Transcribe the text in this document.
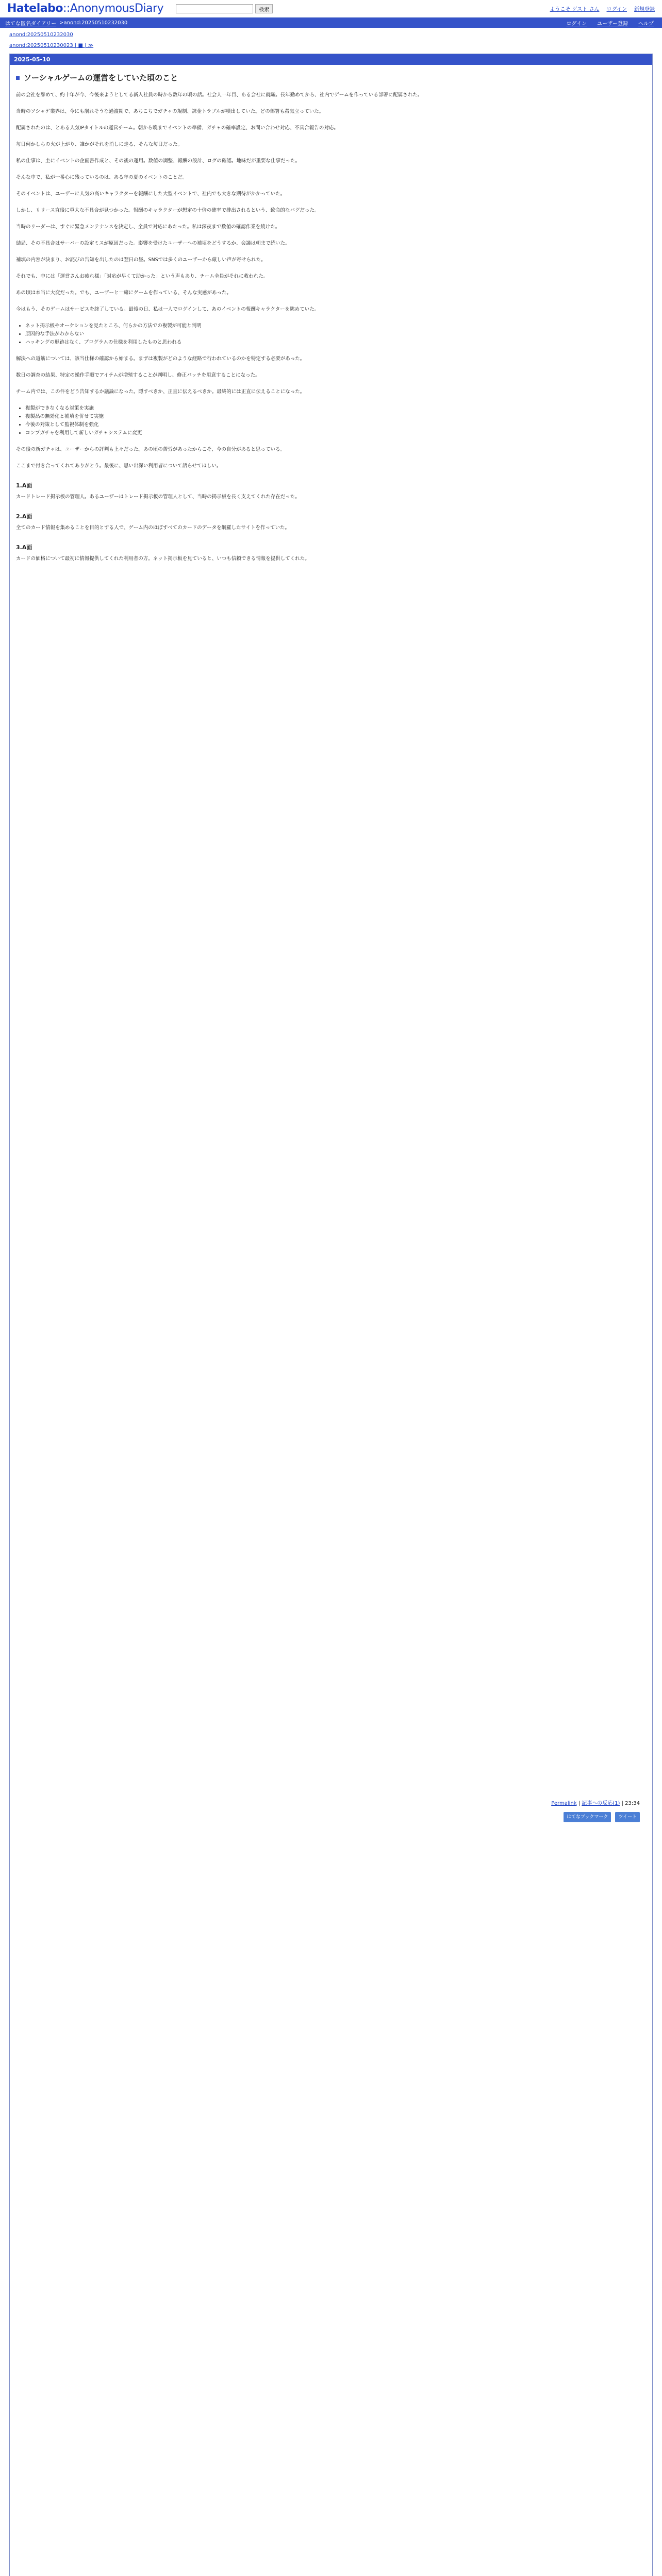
Hatelabo::AnonymousDiary	検索	ようこそ ゲスト さん ログイン 新規登録
はてな匿名ダイアリー > anond:20250510232030	ログイン ユーザー登録 ヘルプ
anond:20250510232030
anond:20250510230023 | ■ | ≫
2025-05-10
ソーシャルゲームの運営をしていた頃のこと

前の会社を辞めて、約十年が今、今後来ようとしてる新入社員の時から数年の頃の話。社会人一年目、ある会社に就職。長年勤めてから、社内でゲームを作っている部署に配属された。

当時のソシャゲ業界は、今にも崩れそうな過渡期で、あちこちでガチャの規制、課金トラブルが噴出していた。どの部署も殺気立っていた。

配属されたのは、とある人気IPタイトルの運営チーム。朝から晩までイベントの準備、ガチャの確率設定、お問い合わせ対応、不具合報告の対応。

毎日何かしらの火が上がり、誰かがそれを消しに走る、そんな毎日だった。

私の仕事は、主にイベントの企画書作成と、その後の運用。数値の調整、報酬の設計、ログの確認。地味だが重要な仕事だった。

そんな中で、私が一番心に残っているのは、ある年の夏のイベントのことだ。

そのイベントは、ユーザーに人気の高いキャラクターを報酬にした大型イベントで、社内でも大きな期待がかかっていた。

しかし、リリース直後に重大な不具合が見つかった。報酬のキャラクターが想定の十倍の確率で排出されるという、致命的なバグだった。

当時のリーダーは、すぐに緊急メンテナンスを決定し、全員で対応にあたった。私は深夜まで数値の確認作業を続けた。

結局、その不具合はサーバーの設定ミスが原因だった。影響を受けたユーザーへの補填をどうするか、会議は朝まで続いた。

補填の内容が決まり、お詫びの告知を出したのは翌日の昼。SNSでは多くのユーザーから厳しい声が寄せられた。

それでも、中には「運営さんお疲れ様」「対応が早くて助かった」という声もあり、チーム全員がそれに救われた。

あの頃は本当に大変だった。でも、ユーザーと一緒にゲームを作っている、そんな実感があった。

今はもう、そのゲームはサービスを終了している。最後の日、私は一人でログインして、あのイベントの報酬キャラクターを眺めていた。

• ネット掲示板やオーケションを見たところ、何らかの方法での複製が可能と判明
• 原因的な手法がわからない
• ハッキングの形跡はなく、プログラムの仕様を利用したものと思われる

解決への道筋については、該当仕様の確認から始まる。まずは複製がどのような経路で行われているのかを特定する必要があった。

数日の調査の結果、特定の操作手順でアイテムが増殖することが判明し、修正パッチを用意することになった。

チーム内では、この件をどう告知するか議論になった。隠すべきか、正直に伝えるべきか。最終的には正直に伝えることになった。

• 複製ができなくなる対策を実施
• 複製品の無効化と補填を併せて実施
• 今後の対策として監視体制を強化
• コンプガチャを利用して新しいガチャシステムに変更

その後の新ガチャは、ユーザーからの評判も上々だった。あの頃の苦労があったからこそ、今の自分があると思っている。

ここまで付き合ってくれてありがとう。最後に、思い出深い利用者について語らせてほしい。

1.A面

カードトレード掲示板の管理人。あるユーザーはトレード掲示板の管理人として、当時の掲示板を長く支えてくれた存在だった。

2.A面

全てのカード情報を集めることを目的とする人で、ゲーム内のほぼすべてのカードのデータを網羅したサイトを作っていた。

3.A面

カードの価格について最初に情報提供してくれた利用者の方。ネット掲示板を見ていると、いつも信頼できる情報を提供してくれた。

Permalink | 記事への反応(1) | 23:34
はてなブックマーク	ツイート
